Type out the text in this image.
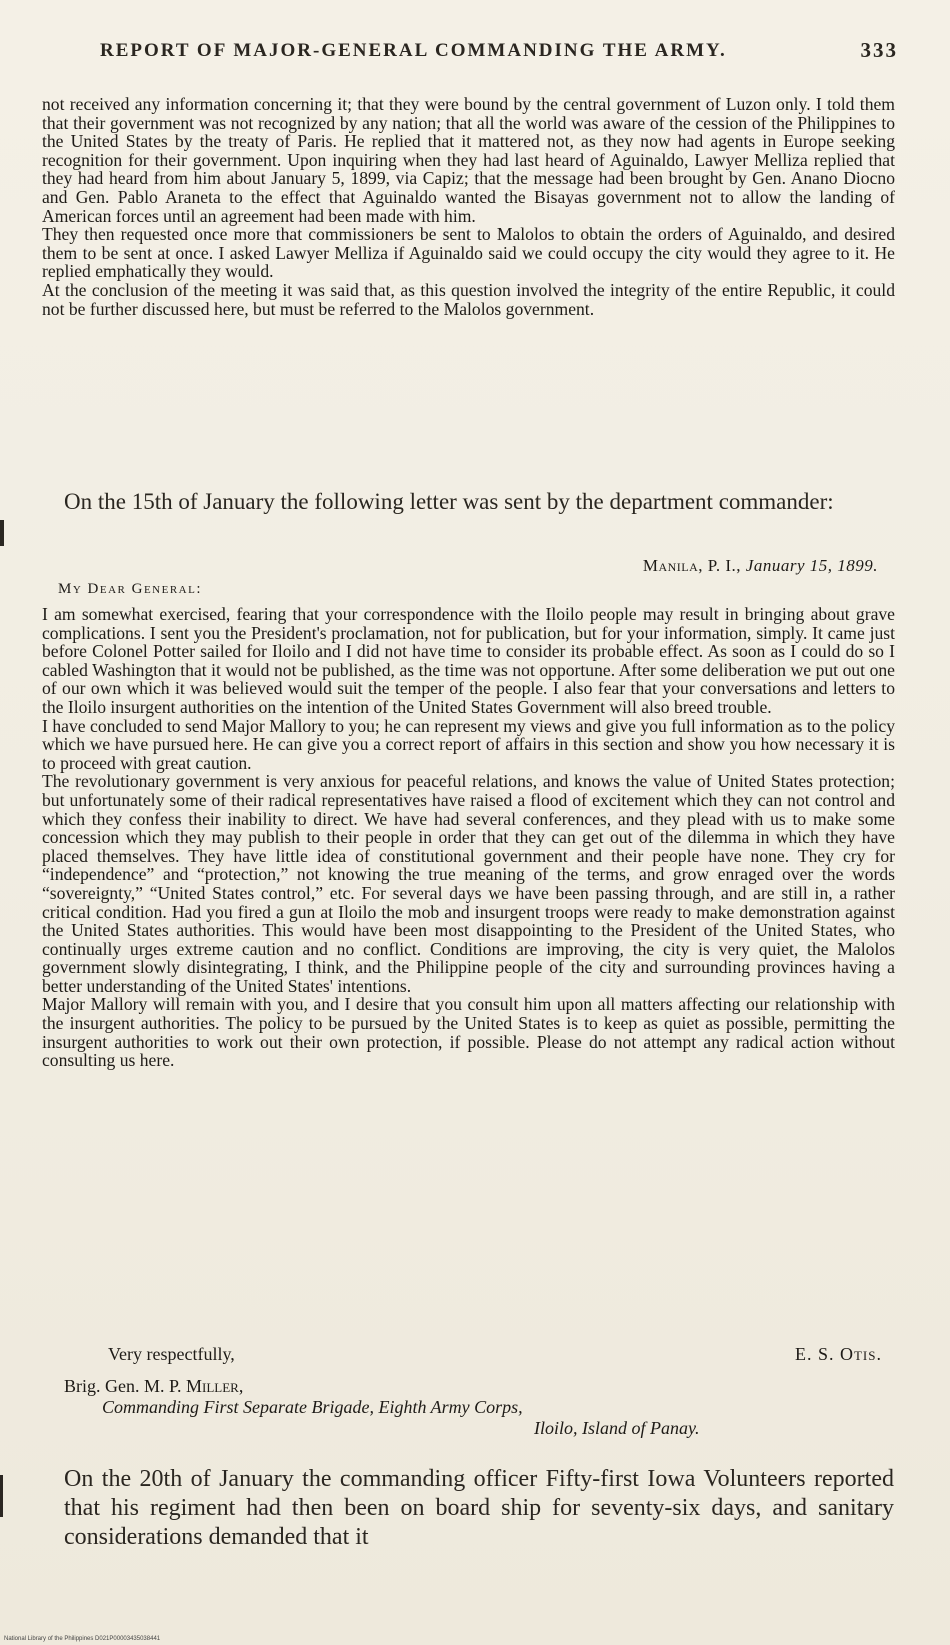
REPORT OF MAJOR-GENERAL COMMANDING THE ARMY.	333

not received any information concerning it; that they were bound by the central government of Luzon only. I told them that their government was not recognized by any nation; that all the world was aware of the cession of the Philippines to the United States by the treaty of Paris. He replied that it mattered not, as they now had agents in Europe seeking recognition for their government. Upon inquiring when they had last heard of Aguinaldo, Lawyer Melliza replied that they had heard from him about January 5, 1899, via Capiz; that the message had been brought by Gen. Anano Diocno and Gen. Pablo Araneta to the effect that Aguinaldo wanted the Bisayas government not to allow the landing of American forces until an agreement had been made with him.

They then requested once more that commissioners be sent to Malolos to obtain the orders of Aguinaldo, and desired them to be sent at once. I asked Lawyer Melliza if Aguinaldo said we could occupy the city would they agree to it. He replied emphatically they would.

At the conclusion of the meeting it was said that, as this question involved the integrity of the entire Republic, it could not be further discussed here, but must be referred to the Malolos government.

On the 15th of January the following letter was sent by the department commander:
Manila, P. I., January 15, 1899.
My Dear General:

I am somewhat exercised, fearing that your correspondence with the Iloilo people may result in bringing about grave complications. I sent you the President's proclamation, not for publication, but for your information, simply. It came just before Colonel Potter sailed for Iloilo and I did not have time to consider its probable effect. As soon as I could do so I cabled Washington that it would not be published, as the time was not opportune. After some deliberation we put out one of our own which it was believed would suit the temper of the people. I also fear that your conversations and letters to the Iloilo insurgent authorities on the intention of the United States Government will also breed trouble.

I have concluded to send Major Mallory to you; he can represent my views and give you full information as to the policy which we have pursued here. He can give you a correct report of affairs in this section and show you how necessary it is to proceed with great caution.

The revolutionary government is very anxious for peaceful relations, and knows the value of United States protection; but unfortunately some of their radical representatives have raised a flood of excitement which they can not control and which they confess their inability to direct. We have had several conferences, and they plead with us to make some concession which they may publish to their people in order that they can get out of the dilemma in which they have placed themselves. They have little idea of constitutional government and their people have none. They cry for “independence” and “protection,” not knowing the true meaning of the terms, and grow enraged over the words “sovereignty,” “United States control,” etc. For several days we have been passing through, and are still in, a rather critical condition. Had you fired a gun at Iloilo the mob and insurgent troops were ready to make demonstration against the United States authorities. This would have been most disappointing to the President of the United States, who continually urges extreme caution and no conflict. Conditions are improving, the city is very quiet, the Malolos government slowly disintegrating, I think, and the Philippine people of the city and surrounding provinces having a better understanding of the United States' intentions.

Major Mallory will remain with you, and I desire that you consult him upon all matters affecting our relationship with the insurgent authorities. The policy to be pursued by the United States is to keep as quiet as possible, permitting the insurgent authorities to work out their own protection, if possible. Please do not attempt any radical action without consulting us here.

Very respectfully,	E. S. Otis.
Brig. Gen. M. P. Miller,
Commanding First Separate Brigade, Eighth Army Corps,
Iloilo, Island of Panay.
On the 20th of January the commanding officer Fifty-first Iowa Volunteers reported that his regiment had then been on board ship for seventy-six days, and sanitary considerations demanded that it
National Library of the Philippines D021P00003435038441
